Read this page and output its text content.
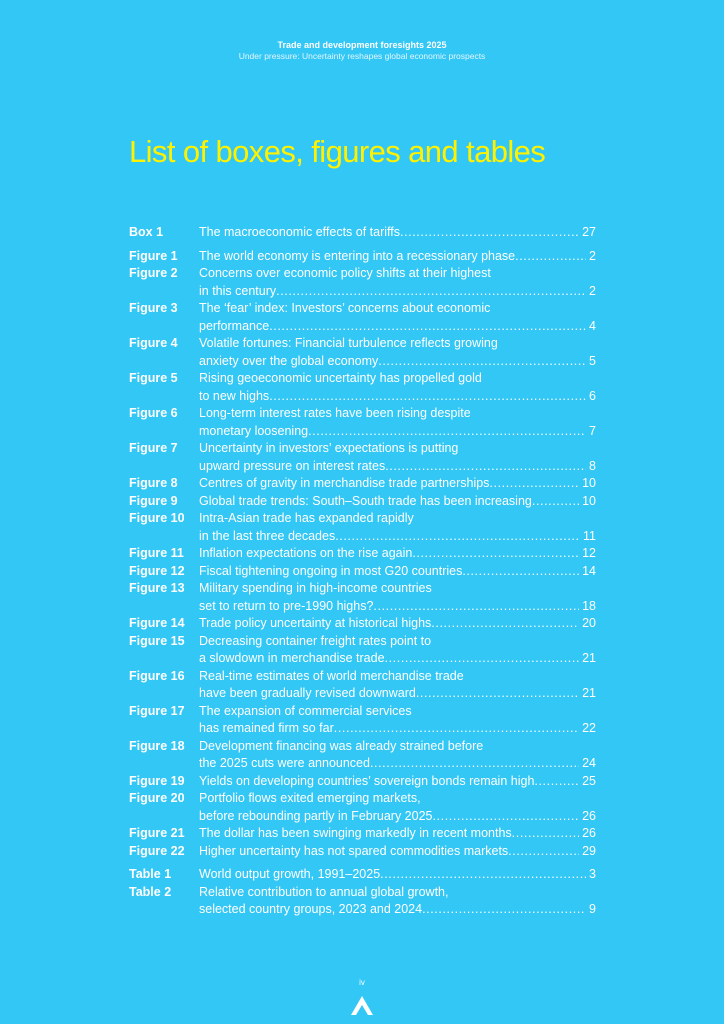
Trade and development foresights 2025
Under pressure: Uncertainty reshapes global economic prospects
List of boxes, figures and tables
Box 1	The macroeconomic effects of tariffs .....	27
Figure 1	The world economy is entering into a recessionary phase .....	2
Figure 2	Concerns over economic policy shifts at their highest
in this century .....	2
Figure 3	The ‘fear’ index: Investors’ concerns about economic
performance .....	4
Figure 4	Volatile fortunes: Financial turbulence reflects growing
anxiety over the global economy .....	5
Figure 5	Rising geoeconomic uncertainty has propelled gold
to new highs .....	6
Figure 6	Long-term interest rates have been rising despite
monetary loosening .....	7
Figure 7	Uncertainty in investors’ expectations is putting
upward pressure on interest rates .....	8
Figure 8	Centres of gravity in merchandise trade partnerships .....	10
Figure 9	Global trade trends: South–South trade has been increasing .....	10
Figure 10	Intra-Asian trade has expanded rapidly
in the last three decades .....	11
Figure 11	Inflation expectations on the rise again .....	12
Figure 12	Fiscal tightening ongoing in most G20 countries .....	14
Figure 13	Military spending in high-income countries
set to return to pre-1990 highs? .....	18
Figure 14	Trade policy uncertainty at historical highs .....	20
Figure 15	Decreasing container freight rates point to
a slowdown in merchandise trade .....	21
Figure 16	Real-time estimates of world merchandise trade
have been gradually revised downward .....	21
Figure 17	The expansion of commercial services
has remained firm so far .....	22
Figure 18	Development financing was already strained before
the 2025 cuts were announced .....	24
Figure 19	Yields on developing countries’ sovereign bonds remain high .....	25
Figure 20	Portfolio flows exited emerging markets,
before rebounding partly in February 2025 .....	26
Figure 21	The dollar has been swinging markedly in recent months .....	26
Figure 22	Higher uncertainty has not spared commodities markets .....	29
Table 1	World output growth, 1991–2025 .....	3
Table 2	Relative contribution to annual global growth,
selected country groups, 2023 and 2024 .....	9
iv
